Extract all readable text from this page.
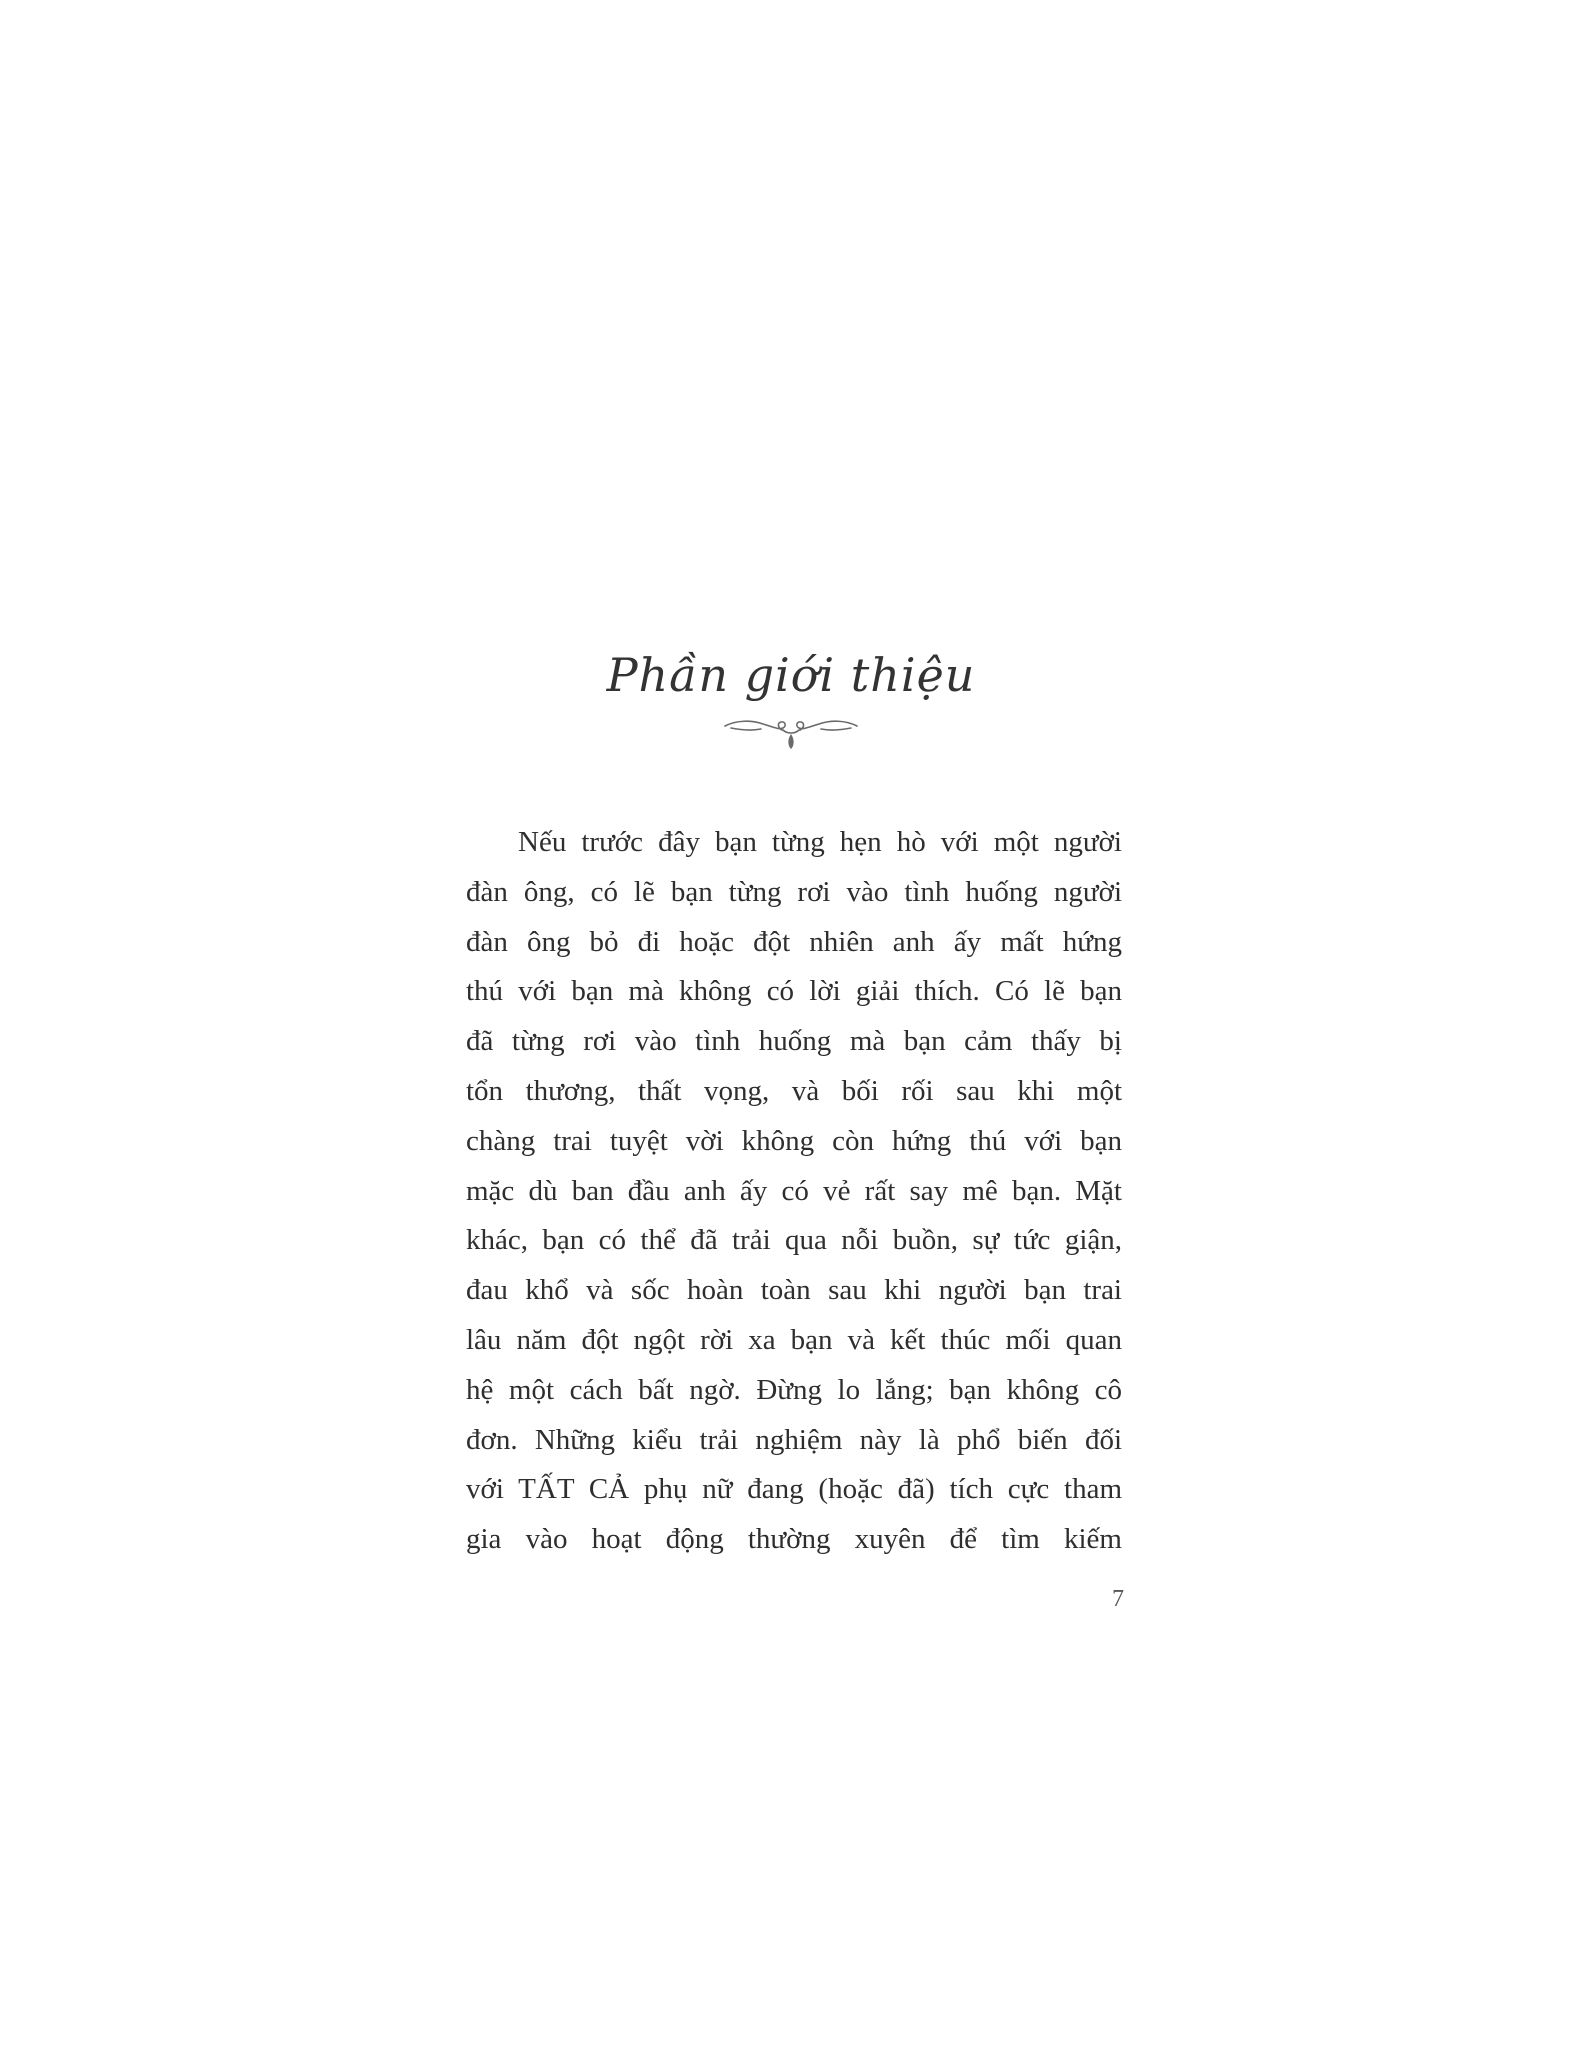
Phần giới thiệu
Nếu trước đây bạn từng hẹn hò với một người
đàn ông, có lẽ bạn từng rơi vào tình huống người
đàn ông bỏ đi hoặc đột nhiên anh ấy mất hứng
thú với bạn mà không có lời giải thích. Có lẽ bạn
đã từng rơi vào tình huống mà bạn cảm thấy bị
tổn thương, thất vọng, và bối rối sau khi một
chàng trai tuyệt vời không còn hứng thú với bạn
mặc dù ban đầu anh ấy có vẻ rất say mê bạn. Mặt
khác, bạn có thể đã trải qua nỗi buồn, sự tức giận,
đau khổ và sốc hoàn toàn sau khi người bạn trai
lâu năm đột ngột rời xa bạn và kết thúc mối quan
hệ một cách bất ngờ. Đừng lo lắng; bạn không cô
đơn. Những kiểu trải nghiệm này là phổ biến đối
với TẤT CẢ phụ nữ đang (hoặc đã) tích cực tham
gia vào hoạt động thường xuyên để tìm kiếm
7
